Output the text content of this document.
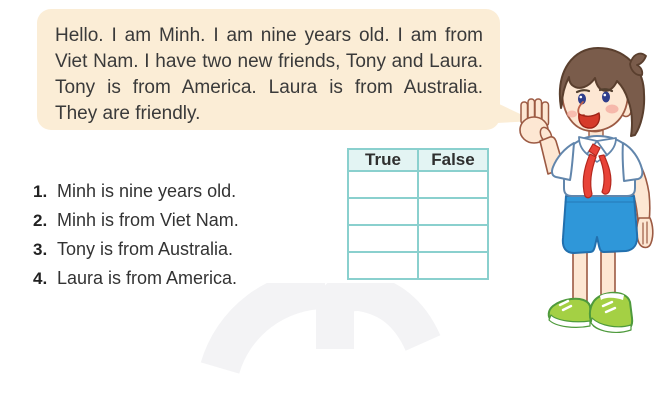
Hello. I am Minh. I am nine years old. I am from Viet Nam. I have two new friends, Tony and Laura. Tony is from America. Laura is from Australia. They are friendly.

1. Minh is nine years old.
2. Minh is from Viet Nam.
3. Tony is from Australia.
4. Laura is from America.
True	False
